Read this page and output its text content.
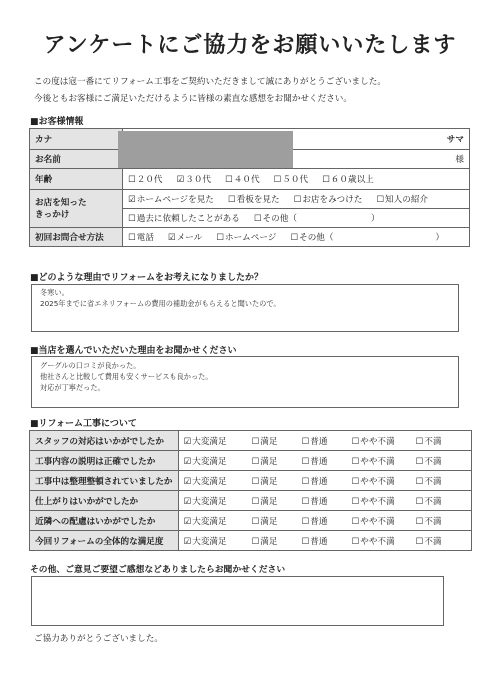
アンケートにご協力をお願いいたします
この度は寇一番にてリフォーム工事をご契約いただきまして誠にありがとうございました。
今後ともお客様にご満足いただけるように皆様の素直な感想をお聞かせください。
■お客様情報
カナ	サマ

お名前	様

年齢	☐２０代 ☑３０代 ☐４０代 ☐５０代 ☐６０歳以上

お店を知った
きっかけ	☑ホームページを見た ☐看板を見た ☐お店をみつけた ☐知人の紹介
	☐過去に依頼したことがある ☐その他（ ）
初回お問合せ方法	☐電話 ☑メール ☐ホームページ ☐その他（ ）
■どのような理由でリフォームをお考えになりましたか？
冬寒い。
2025年までに省エネリフォームの費用の補助金がもらえると聞いたので。
■当店を選んでいただいた理由をお聞かせください
グーグルの口コミが良かった。
他社さんと比較して費用も安くサービスも良かった。
対応が丁寧だった。
■リフォーム工事について
スタッフの対応はいかがでしたか	☑大変満足 ☐満足 ☐普通 ☐やや不満 ☐不満
工事内容の説明は正確でしたか	☑大変満足 ☐満足 ☐普通 ☐やや不満 ☐不満
工事中は整理整頓されていましたか	☑大変満足 ☐満足 ☐普通 ☐やや不満 ☐不満
仕上がりはいかがでしたか	☑大変満足 ☐満足 ☐普通 ☐やや不満 ☐不満
近隣への配慮はいかがでしたか	☑大変満足 ☐満足 ☐普通 ☐やや不満 ☐不満
今回リフォームの全体的な満足度	☑大変満足 ☐満足 ☐普通 ☐やや不満 ☐不満
その他、ご意見ご要望ご感想などありましたらお聞かせください
ご協力ありがとうございました。
